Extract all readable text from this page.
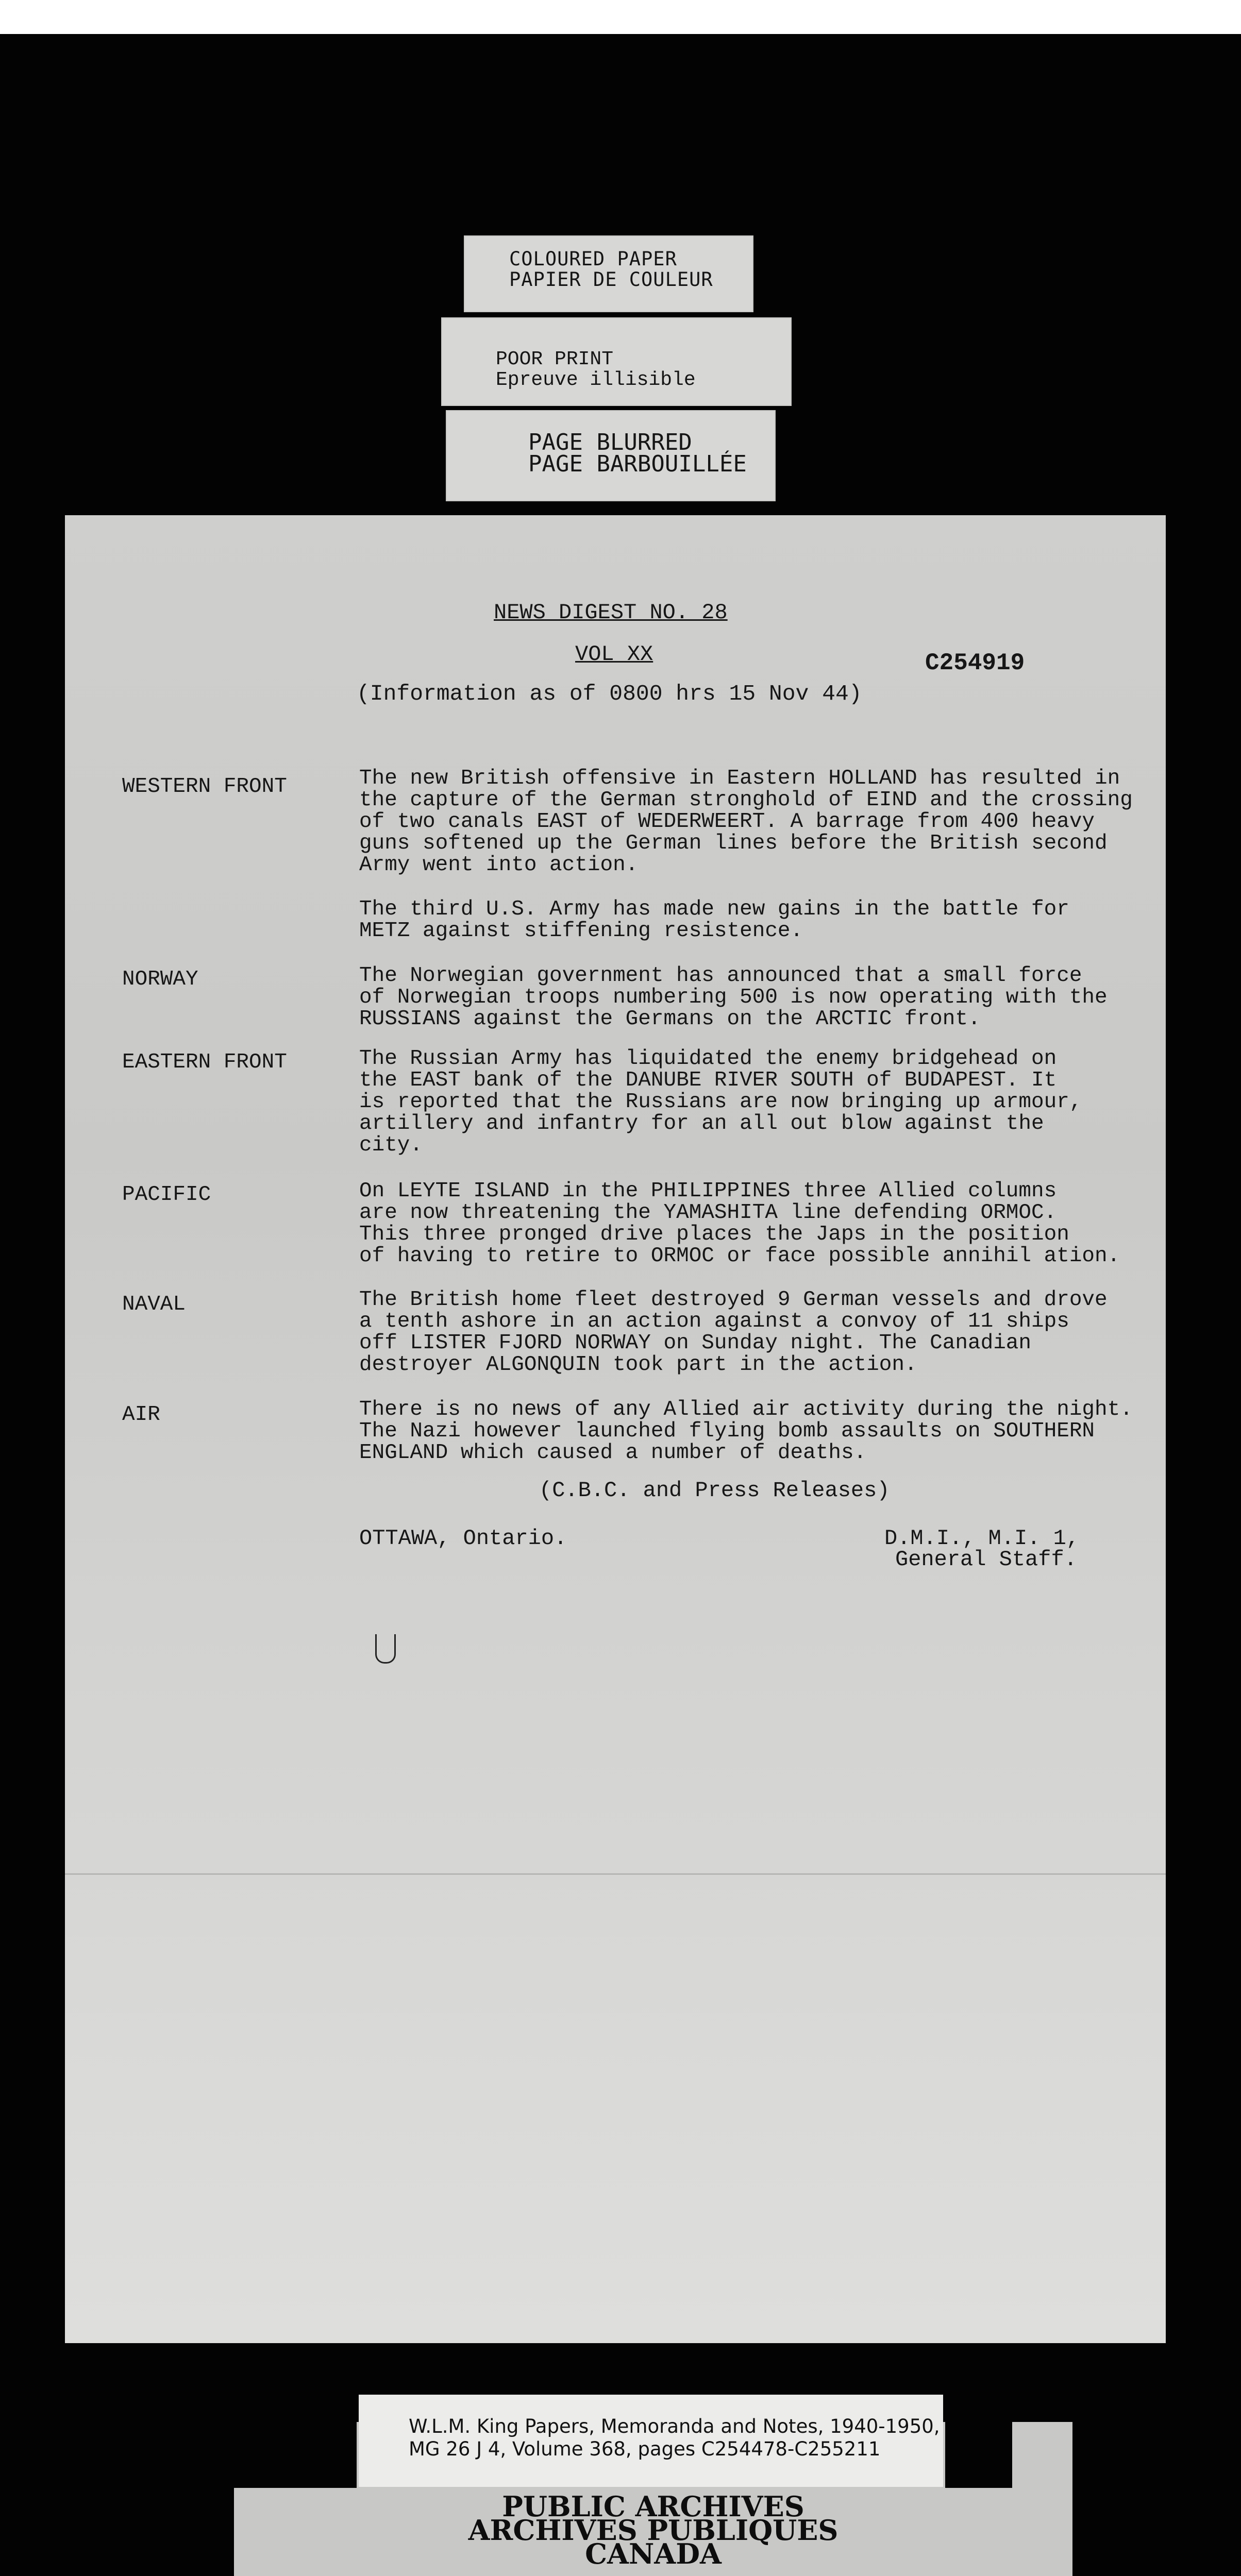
COLOURED PAPER
PAPIER DE COULEUR
POOR PRINT
Epreuve illisible
PAGE BLURRED
PAGE BARBOUILLÉE
NEWS DIGEST NO. 28
VOL XX	C254919
(Information as of 0800 hrs 15 Nov 44)
WESTERN FRONT	The new British offensive in Eastern HOLLAND has resulted in
the capture of the German stronghold of EIND and the crossing
of two canals EAST of WEDERWEERT. A barrage from 400 heavy
guns softened up the German lines before the British second
Army went into action.
The third U.S. Army has made new gains in the battle for
METZ against stiffening resistence.
NORWAY	The Norwegian government has announced that a small force
of Norwegian troops numbering 500 is now operating with the
RUSSIANS against the Germans on the ARCTIC front.
EASTERN FRONT	The Russian Army has liquidated the enemy bridgehead on
the EAST bank of the DANUBE RIVER SOUTH of BUDAPEST. It
is reported that the Russians are now bringing up armour,
artillery and infantry for an all out blow against the
city.
PACIFIC	On LEYTE ISLAND in the PHILIPPINES three Allied columns
are now threatening the YAMASHITA line defending ORMOC.
This three pronged drive places the Japs in the position
of having to retire to ORMOC or face possible annihil ation.
NAVAL	The British home fleet destroyed 9 German vessels and drove
a tenth ashore in an action against a convoy of 11 ships
off LISTER FJORD NORWAY on Sunday night. The Canadian
destroyer ALGONQUIN took part in the action.
AIR	There is no news of any Allied air activity during the night.
The Nazi however launched flying bomb assaults on SOUTHERN
ENGLAND which caused a number of deaths.
(C.B.C. and Press Releases)
OTTAWA, Ontario.	D.M.I., M.I. 1,
General Staff.
W.L.M. King Papers, Memoranda and Notes, 1940-1950,
MG 26 J 4, Volume 368, pages C254478-C255211
PUBLIC ARCHIVES
ARCHIVES PUBLIQUES
CANADA
